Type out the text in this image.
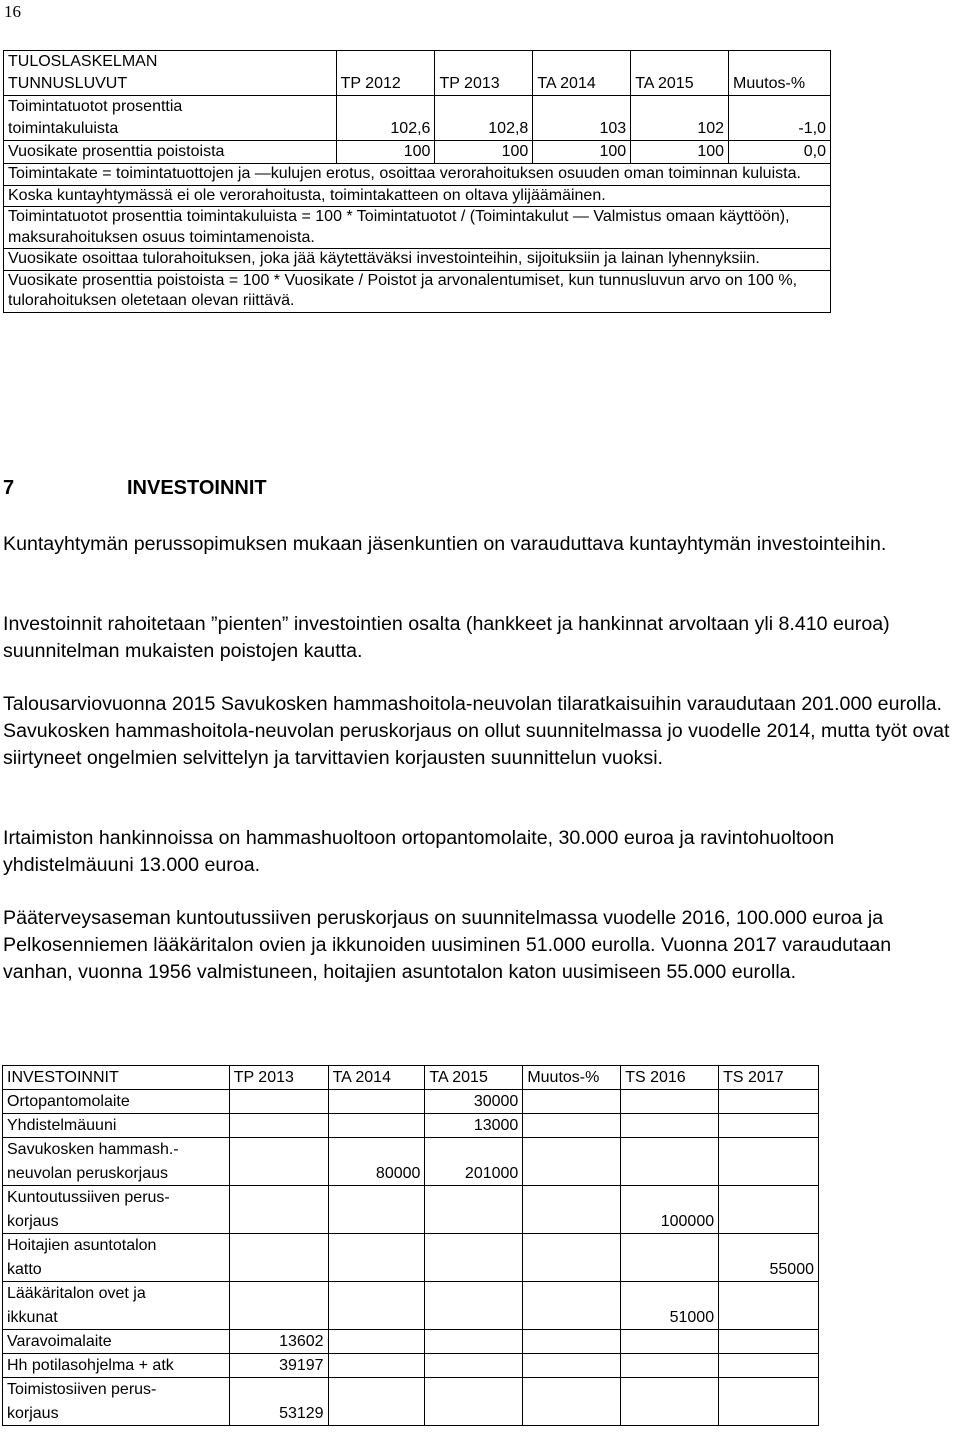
16
TULOSLASKELMAN
TUNNUSLUVUT	TP 2012	TP 2013	TA 2014	TA 2015	Muutos-%

Toimintatuotot prosenttia
toimintakuluista	102,6	102,8	103	102	-1,0
Vuosikate prosenttia poistoista	100	100	100	100	0,0
Toimintakate = toimintatuottojen ja —kulujen erotus, osoittaa verorahoituksen osuuden oman toiminnan kuluista.					
Koska kuntayhtymässä ei ole verorahoitusta, toimintakatteen on oltava ylijäämäinen.					
Toimintatuotot prosenttia toimintakuluista = 100 * Toimintatuotot / (Toimintakulut — Valmistus omaan käyttöön), maksurahoituksen osuus toimintamenoista.					
Vuosikate osoittaa tulorahoituksen, joka jää käytettäväksi investointeihin, sijoituksiin ja lainan lyhennyksiin.					
Vuosikate prosenttia poistoista = 100 * Vuosikate / Poistot ja arvonalentumiset, kun tunnusluvun arvo on 100 %, tulorahoituksen oletetaan olevan riittävä.					
7	INVESTOINNIT
Kuntayhtymän perussopimuksen mukaan jäsenkuntien on varauduttava kuntayhtymän investointeihin.
Investoinnit rahoitetaan ”pienten” investointien osalta (hankkeet ja hankinnat arvoltaan yli 8.410 euroa) suunnitelman mukaisten poistojen kautta.
Talousarviovuonna 2015 Savukosken hammashoitola-neuvolan tilaratkaisuihin varaudutaan 201.000 eurolla. Savukosken hammashoitola-neuvolan peruskorjaus on ollut suunnitelmassa jo vuodelle 2014, mutta työt ovat siirtyneet ongelmien selvittelyn ja tarvittavien korjausten suunnittelun vuoksi.
Irtaimiston hankinnoissa on hammashuoltoon ortopantomolaite, 30.000 euroa ja ravintohuoltoon yhdistelmäuuni 13.000 euroa.
Pääterveysaseman kuntoutussiiven peruskorjaus on suunnitelmassa vuodelle 2016, 100.000 euroa ja Pelkosenniemen lääkäritalon ovien ja ikkunoiden uusiminen 51.000 eurolla. Vuonna 2017 varaudutaan vanhan, vuonna 1956 valmistuneen, hoitajien asuntotalon katon uusimiseen 55.000 eurolla.
INVESTOINNIT	TP 2013	TA 2014	TA 2015	Muutos-%	TS 2016	TS 2017

Ortopantomolaite			30000			

Yhdistelmäuuni			13000			

Savukosken hammash.-
neuvolan peruskorjaus		80000	201000			

Kuntoutussiiven perus-
korjaus					100000	

Hoitajien asuntotalon
katto						55000

Lääkäritalon ovet ja
ikkunat					51000	

Varavoimalaite	13602					

Hh potilasohjelma + atk	39197					

Toimistosiiven perus-
korjaus	53129					
